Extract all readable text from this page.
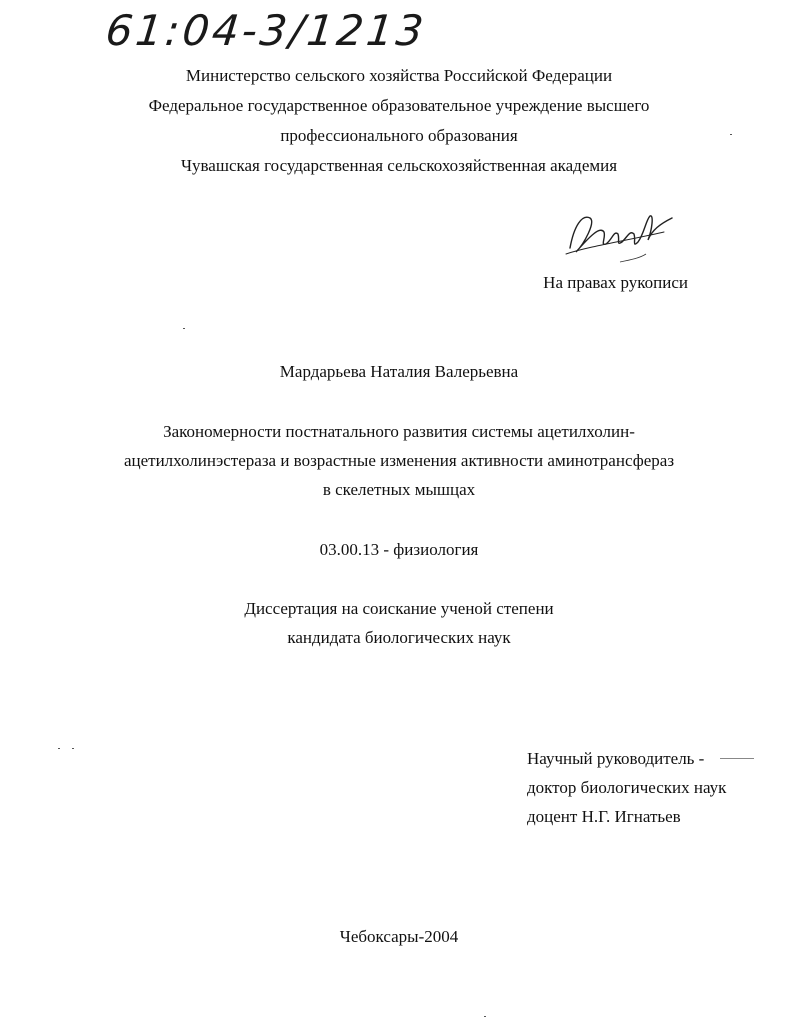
61:04-3/1213
Министерство сельского хозяйства Российской Федерации
Федеральное государственное образовательное учреждение высшего
профессионального образования
Чувашская государственная сельскохозяйственная академия
На правах рукописи
Мардарьева Наталия Валерьевна
Закономерности постнатального развития системы ацетилхолин-
ацетилхолинэстераза и возрастные изменения активности аминотрансфераз
в скелетных мышцах
03.00.13 - физиология
Диссертация на соискание ученой степени
кандидата биологических наук
Научный руководитель -
доктор биологических наук
доцент Н.Г. Игнатьев
Чебоксары-2004
